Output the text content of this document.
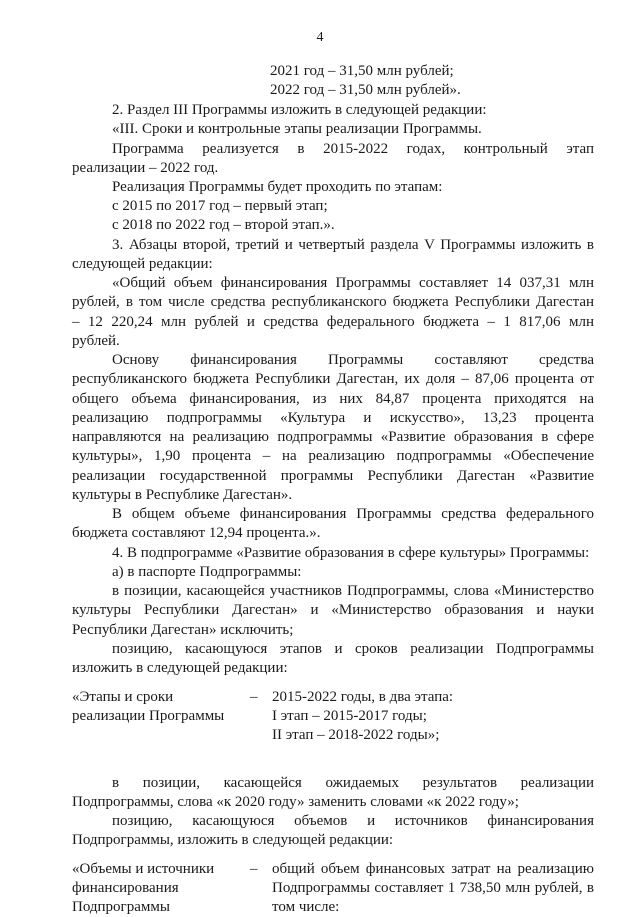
4
2021 год – 31,50 млн рублей;
2022 год – 31,50 млн рублей».
2. Раздел III Программы изложить в следующей редакции:
«III. Сроки и контрольные этапы реализации Программы.
Программа реализуется в 2015-2022 годах, контрольный этап
реализации – 2022 год.
Реализация Программы будет проходить по этапам:
с 2015 по 2017 год – первый этап;
с 2018 по 2022 год – второй этап.».
3. Абзацы второй, третий и четвертый раздела V Программы изложить в
следующей редакции:
«Общий объем финансирования Программы составляет 14 037,31 млн
рублей, в том числе средства республиканского бюджета Республики Дагестан
– 12 220,24 млн рублей и средства федерального бюджета – 1 817,06 млн
рублей.
Основу финансирования Программы составляют средства
республиканского бюджета Республики Дагестан, их доля – 87,06 процента от
общего объема финансирования, из них 84,87 процента приходятся на
реализацию подпрограммы «Культура и искусство», 13,23 процента
направляются на реализацию подпрограммы «Развитие образования в сфере
культуры», 1,90 процента – на реализацию подпрограммы «Обеспечение
реализации государственной программы Республики Дагестан «Развитие
культуры в Республике Дагестан».
В общем объеме финансирования Программы средства федерального
бюджета составляют 12,94 процента.».
4. В подпрограмме «Развитие образования в сфере культуры» Программы:
а) в паспорте Подпрограммы:
в позиции, касающейся участников Подпрограммы, слова «Министерство
культуры Республики Дагестан» и «Министерство образования и науки
Республики Дагестан» исключить;
позицию, касающуюся этапов и сроков реализации Подпрограммы
изложить в следующей редакции:
в позиции, касающейся ожидаемых результатов реализации
Подпрограммы, слова «к 2020 году» заменить словами «к 2022 году»;
позицию, касающуюся объемов и источников финансирования
Подпрограммы, изложить в следующей редакции:
«Этапы и сроки
реализации Программы
– 2015-2022 годы, в два этапа:
I этап – 2015-2017 годы;
II этап – 2018-2022 годы»;
«Объемы и источники
финансирования
Подпрограммы
– общий объем финансовых затрат на реализацию
Подпрограммы составляет 1 738,50 млн рублей, в
том числе:
